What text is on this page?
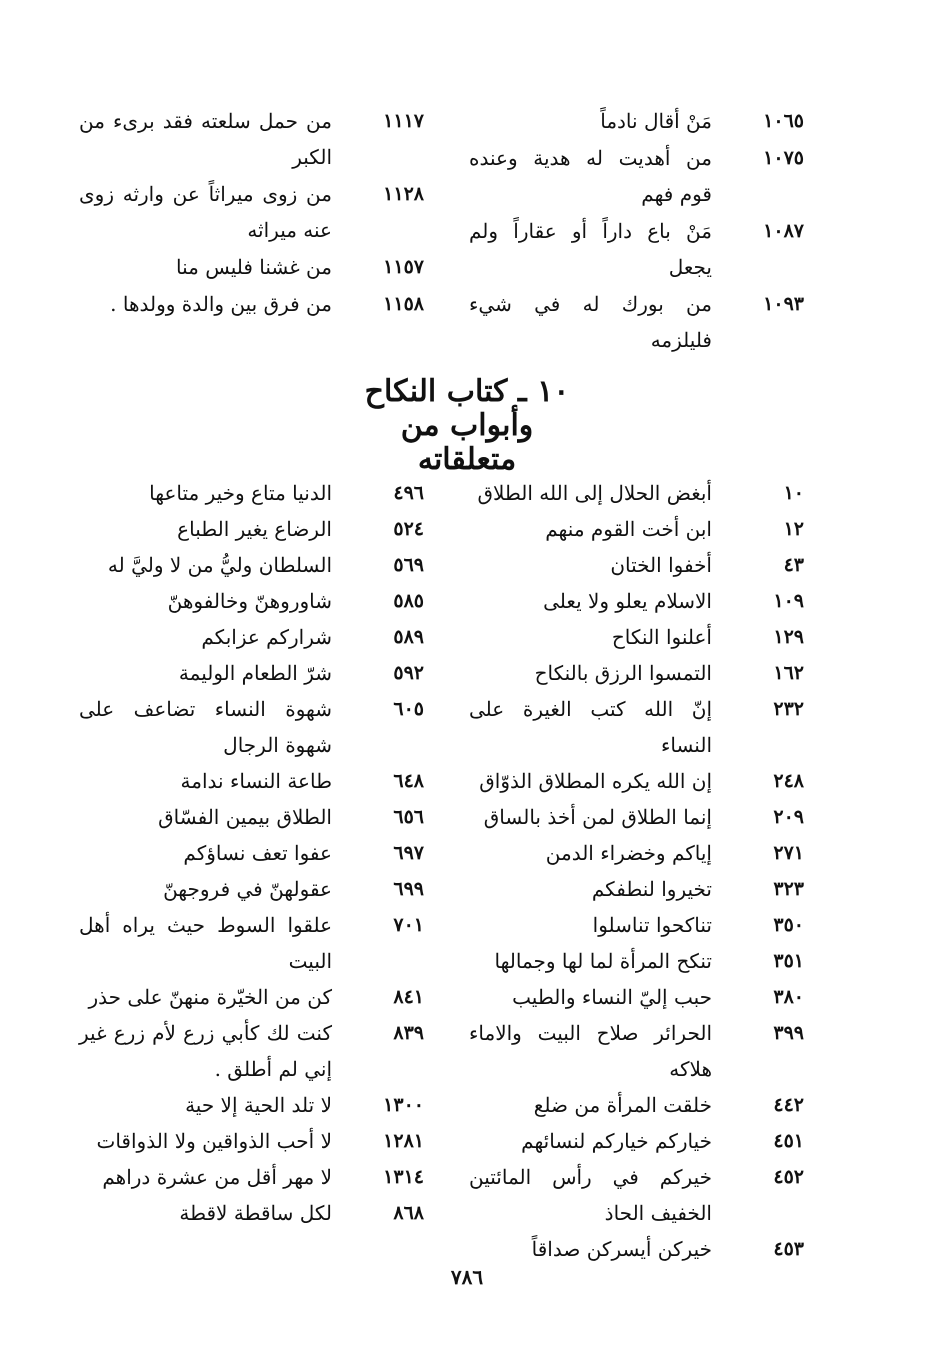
١٠٦٥
مَنْ أقال نادماً
١٠٧٥
من أهديت له هدية وعنده قوم فهم
١٠٨٧
مَنْ باع داراً أو عقاراً ولم يجعل
١٠٩٣
من بورك له في شيء فليلزمه
١١١٧
من حمل سلعته فقد برىء من الكبر
١١٢٨
من زوى ميراثاً عن وارثه زوى عنه ميراثه
١١٥٧
من غشنا فليس منا
١١٥٨
من فرق بين والدة وولدها .
١٠ ـ كتاب النكاح وأبواب من
متعلقاته
١٠
أبغض الحلال إلى الله الطلاق
١٢
ابن أخت القوم منهم
٤٣
أخفوا الختان
١٠٩
الاسلام يعلو ولا يعلى
١٢٩
أعلنوا النكاح
١٦٢
التمسوا الرزق بالنكاح
٢٣٢
إنّ الله كتب الغيرة على النساء
٢٤٨
إن الله يكره المطلاق الذوّاق
٢٠٩
إنما الطلاق لمن أخذ بالساق
٢٧١
إياكم وخضراء الدمن
٣٢٣
تخيروا لنطفكم
٣٥٠
تناكحوا تناسلوا
٣٥١
تنكح المرأة لما لها وجمالها
٣٨٠
حبب إليّ النساء والطيب
٣٩٩
الحرائر صلاح البيت والاماء هلاكه
٤٤٢
خلقت المرأة من ضلع
٤٥١
خياركم خياركم لنسائهم
٤٥٢
خيركم في رأس المائتين الخفيف الحاذ
٤٥٣
خيركن أيسركن صداقاً
٤٩٦
الدنيا متاع وخير متاعها
٥٢٤
الرضاع يغير الطباع
٥٦٩
السلطان وليُّ من لا وليَّ له
٥٨٥
شاوروهنّ وخالفوهنّ
٥٨٩
شراركم عزابكم
٥٩٢
شرّ الطعام الوليمة
٦٠٥
شهوة النساء تضاعف على شهوة الرجال
٦٤٨
طاعة النساء ندامة
٦٥٦
الطلاق بيمين الفسّاق
٦٩٧
عفوا تعف نساؤكم
٦٩٩
عقولهنّ في فروجهنّ
٧٠١
علقوا السوط حيث يراه أهل البيت
٨٤١
كن من الخيّرة منهنّ على حذر
٨٣٩
كنت لك كأبي زرع لأم زرع غير إني لم أطلق .
١٣٠٠
لا تلد الحية إلا حية
١٢٨١
لا أحب الذواقين ولا الذواقات
١٣١٤
لا مهر أقل من عشرة دراهم
٨٦٨
لكل ساقطة لاقطة
٧٨٦
